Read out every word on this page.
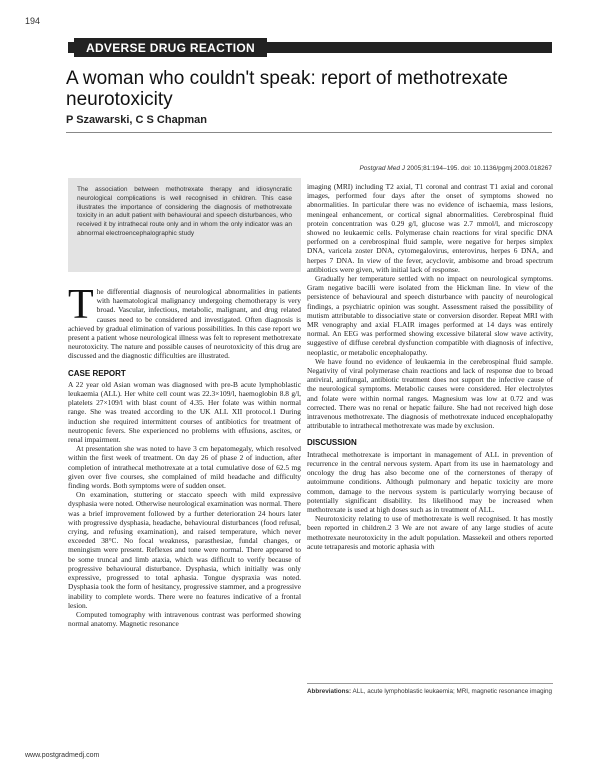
194
ADVERSE DRUG REACTION
A woman who couldn't speak: report of methotrexate neurotoxicity
P Szawarski, C S Chapman
Postgrad Med J 2005;81:194–195. doi: 10.1136/pgmj.2003.018267
The association between methotrexate therapy and idiosyncratic neurological complications is well recognised in children. This case illustrates the importance of considering the diagnosis of methotrexate toxicity in an adult patient with behavioural and speech disturbances, who received it by intrathecal route only and in whom the only indicator was an abnormal electroencephalographic study

The differential diagnosis of neurological abnormalities in patients with haematological malignancy undergoing chemotherapy is very broad. Vascular, infectious, metabolic, malignant, and drug related causes need to be considered and investigated. Often diagnosis is achieved by gradual elimination of various possibilities. In this case report we present a patient whose neurological illness was felt to represent methotrexate neurotoxicity. The nature and possible causes of neurotoxicity of this drug are discussed and the diagnostic difficulties are illustrated.

CASE REPORT

A 22 year old Asian woman was diagnosed with pre-B acute lymphoblastic leukaemia (ALL). Her white cell count was 22.3×109/l, haemoglobin 8.8 g/l, platelets 27×109/l with blast count of 4.35. Her folate was within normal range. She was treated according to the UK ALL XII protocol.1 During induction she required intermittent courses of antibiotics for treatment of neutropenic fevers. She experienced no problems with effusions, ascites, or renal impairment.

At presentation she was noted to have 3 cm hepatomegaly, which resolved within the first week of treatment. On day 26 of phase 2 of induction, after completion of intrathecal methotrexate at a total cumulative dose of 62.5 mg given over five courses, she complained of mild headache and difficulty finding words. Both symptoms were of sudden onset.

On examination, stuttering or staccato speech with mild expressive dysphasia were noted. Otherwise neurological examination was normal. There was a brief improvement followed by a further deterioration 24 hours later with progressive dysphasia, headache, behavioural disturbances (food refusal, crying, and refusing examination), and raised temperature, which never exceeded 38°C. No focal weakness, parasthesiae, fundal changes, or meningism were present. Reflexes and tone were normal. There appeared to be some truncal and limb ataxia, which was difficult to verify because of progressive behavioural disturbance. Dysphasia, which initially was only expressive, progressed to total aphasia. Tongue dyspraxia was noted. Dysphasia took the form of hesitancy, progressive stammer, and a progressive inability to complete words. There were no features indicative of a frontal lesion.

Computed tomography with intravenous contrast was performed showing normal anatomy. Magnetic resonance

imaging (MRI) including T2 axial, T1 coronal and contrast T1 axial and coronal images, performed four days after the onset of symptoms showed no abnormalities. In particular there was no evidence of ischaemia, mass lesions, meningeal enhancement, or cortical signal abnormalities. Cerebrospinal fluid protein concentration was 0.29 g/l, glucose was 2.7 mmol/l, and microscopy showed no leukaemic cells. Polymerase chain reactions for viral specific DNA performed on a cerebrospinal fluid sample, were negative for herpes simplex DNA, varicela zoster DNA, cytomegalovirus, enterovirus, herpes 6 DNA, and herpes 7 DNA. In view of the fever, acyclovir, ambisome and broad spectrum antibiotics were given, with initial lack of response.

Gradually her temperature settled with no impact on neurological symptoms. Gram negative bacilli were isolated from the Hickman line. In view of the persistence of behavioural and speech disturbance with paucity of neurological findings, a psychiatric opinion was sought. Assessment raised the possibility of mutism attributable to dissociative state or conversion disorder. Repeat MRI with MR venography and axial FLAIR images performed at 14 days was entirely normal. An EEG was performed showing excessive bilateral slow wave activity, suggestive of diffuse cerebral dysfunction compatible with diagnosis of infective, neoplastic, or metabolic encephalopathy.

We have found no evidence of leukaemia in the cerebrospinal fluid sample. Negativity of viral polymerase chain reactions and lack of response due to broad antiviral, antifungal, antibiotic treatment does not support the infective cause of the neurological symptoms. Metabolic causes were considered. Her electrolytes and folate were within normal ranges. Magnesium was low at 0.72 and was corrected. There was no renal or hepatic failure. She had not received high dose intravenous methotrexate. The diagnosis of methotrexate induced encephalopathy attributable to intrathecal methotrexate was made by exclusion.

DISCUSSION

Intrathecal methotrexate is important in management of ALL in prevention of recurrence in the central nervous system. Apart from its use in haematology and oncology the drug has also become one of the cornerstones of therapy of autoimmune conditions. Although pulmonary and hepatic toxicity are more common, damage to the nervous system is particularly worrying because of potentially significant disability. Its likelihood may be increased when methotrexate is used at high doses such as in treatment of ALL.

Neurotoxicity relating to use of methotrexate is well recognised. It has mostly been reported in children.2 3 We are not aware of any large studies of acute methotrexate neurotoxicity in the adult population. Massekeil and others reported acute tetraparesis and motoric aphasia with

Abbreviations: ALL, acute lymphoblastic leukaemia; MRI, magnetic resonance imaging
www.postgradmedj.com
